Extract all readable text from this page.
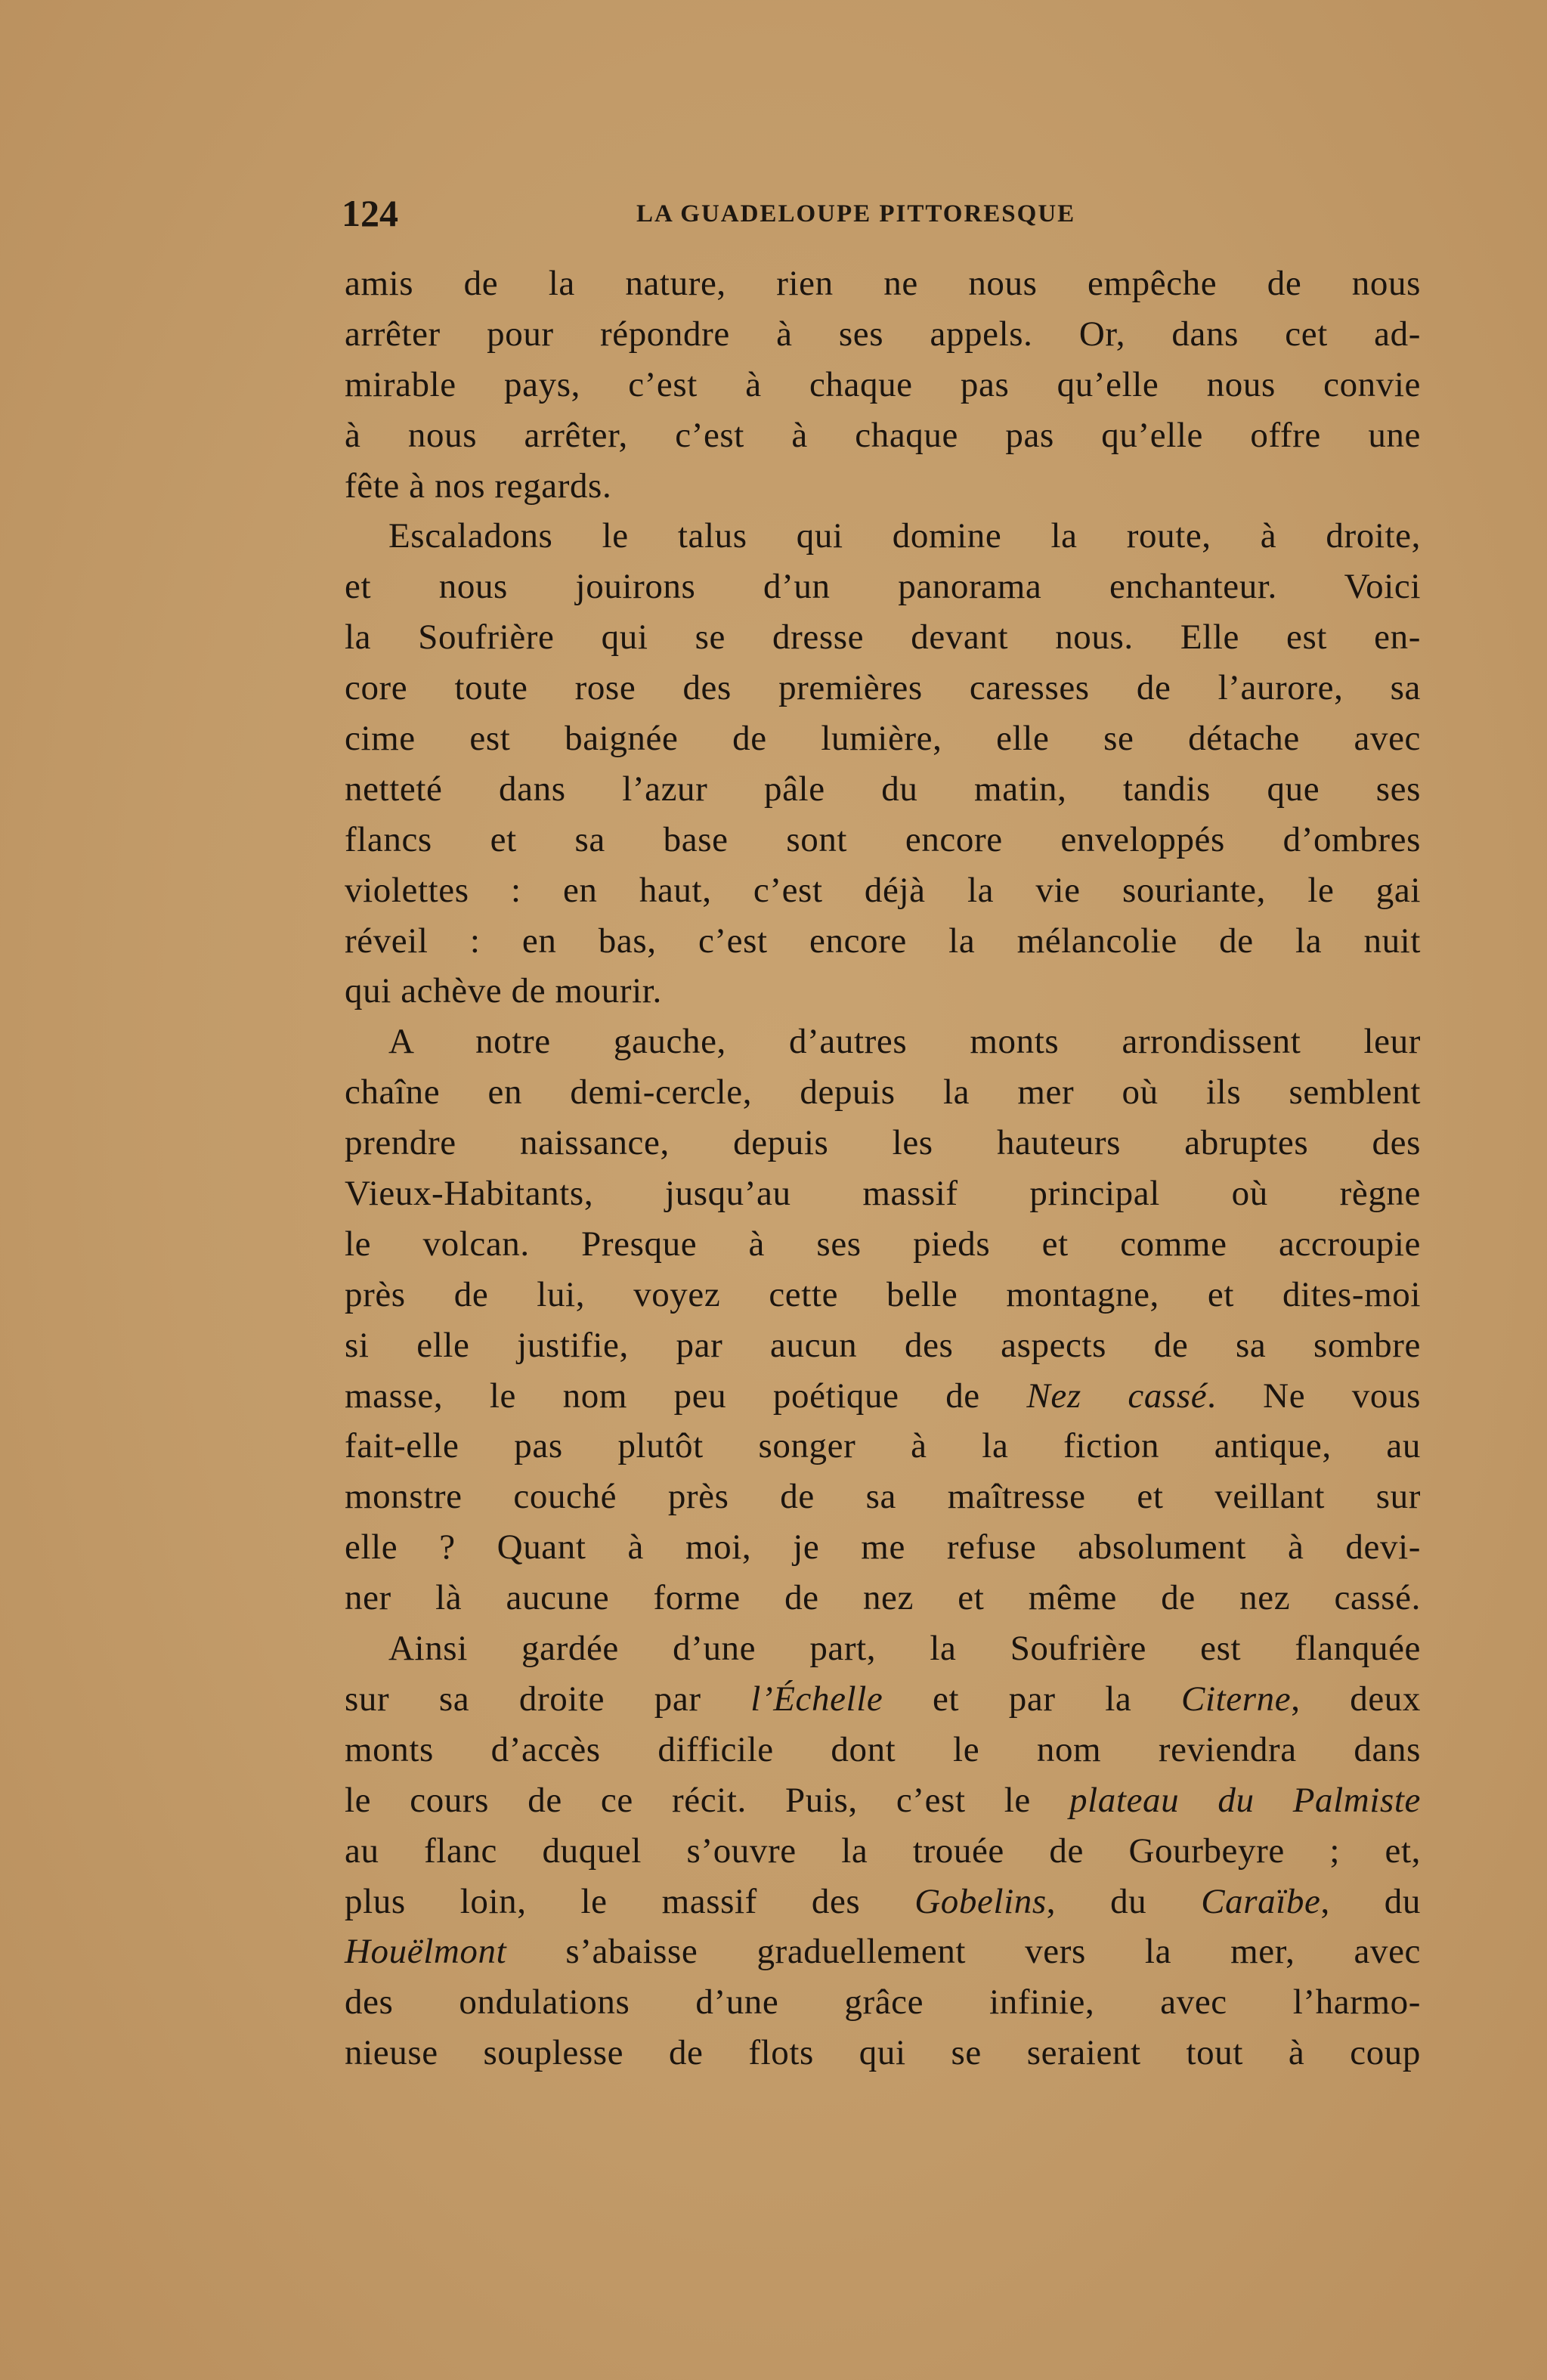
124	LA GUADELOUPE PITTORESQUE
amis de la nature, rien ne nous empêche de nous
arrêter pour répondre à ses appels. Or, dans cet ad-
mirable pays, c’est à chaque pas qu’elle nous convie
à nous arrêter, c’est à chaque pas qu’elle offre une
fête à nos regards.
Escaladons le talus qui domine la route, à droite,
et nous jouirons d’un panorama enchanteur. Voici
la Soufrière qui se dresse devant nous. Elle est en-
core toute rose des premières caresses de l’aurore, sa
cime est baignée de lumière, elle se détache avec
netteté dans l’azur pâle du matin, tandis que ses
flancs et sa base sont encore enveloppés d’ombres
violettes : en haut, c’est déjà la vie souriante, le gai
réveil : en bas, c’est encore la mélancolie de la nuit
qui achève de mourir.
A notre gauche, d’autres monts arrondissent leur
chaîne en demi-cercle, depuis la mer où ils semblent
prendre naissance, depuis les hauteurs abruptes des
Vieux-Habitants, jusqu’au massif principal où règne
le volcan. Presque à ses pieds et comme accroupie
près de lui, voyez cette belle montagne, et dites-moi
si elle justifie, par aucun des aspects de sa sombre
masse, le nom peu poétique de Nez cassé. Ne vous
fait-elle pas plutôt songer à la fiction antique, au
monstre couché près de sa maîtresse et veillant sur
elle ? Quant à moi, je me refuse absolument à devi-
ner là aucune forme de nez et même de nez cassé.
Ainsi gardée d’une part, la Soufrière est flanquée
sur sa droite par l’Échelle et par la Citerne, deux
monts d’accès difficile dont le nom reviendra dans
le cours de ce récit. Puis, c’est le plateau du Palmiste
au flanc duquel s’ouvre la trouée de Gourbeyre ; et,
plus loin, le massif des Gobelins, du Caraïbe, du
Houëlmont s’abaisse graduellement vers la mer, avec
des ondulations d’une grâce infinie, avec l’harmo-
nieuse souplesse de flots qui se seraient tout à coup
